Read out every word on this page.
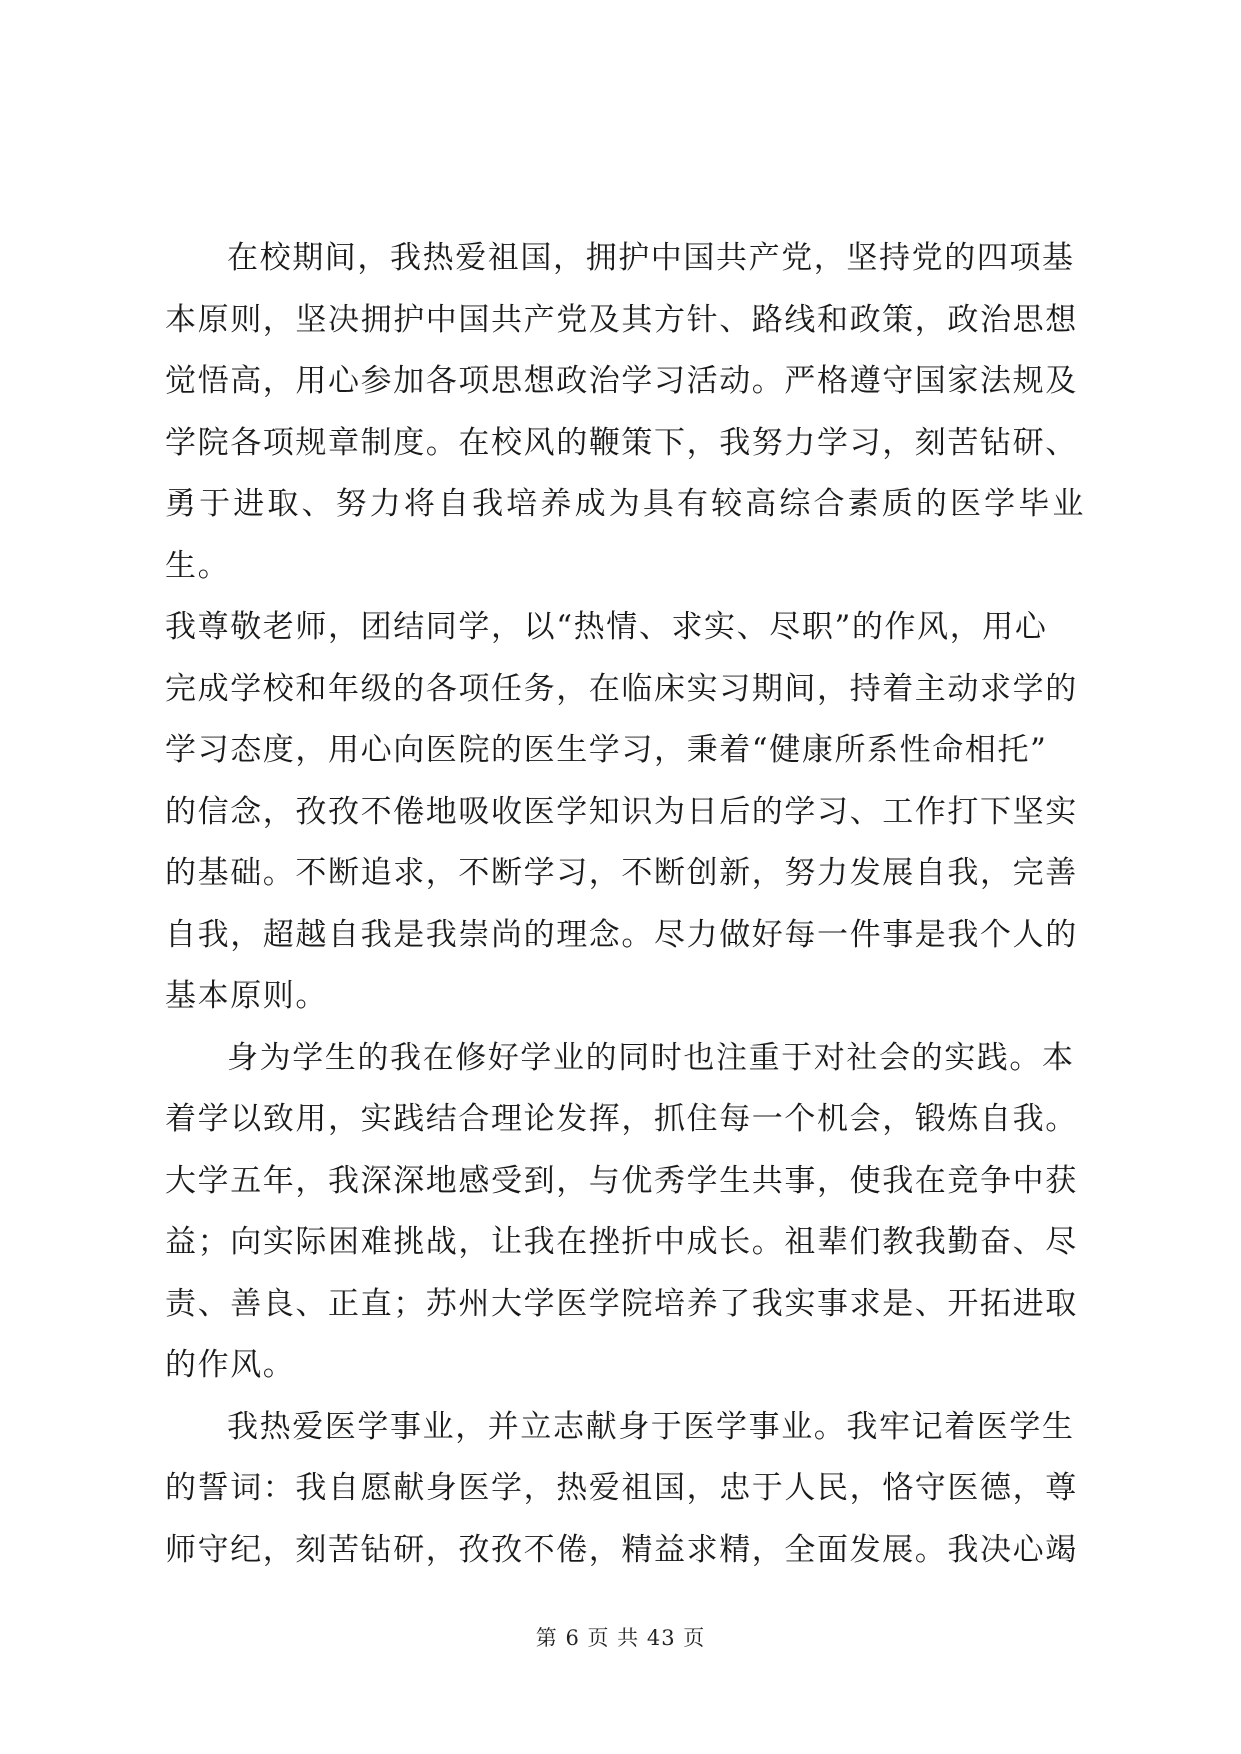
在校期间，我热爱祖国，拥护中国共产党，坚持党的四项基
本原则，坚决拥护中国共产党及其方针、路线和政策，政治思想
觉悟高，用心参加各项思想政治学习活动。严格遵守国家法规及
学院各项规章制度。在校风的鞭策下，我努力学习，刻苦钻研、
勇于进取、努力将自我培养成为具有较高综合素质的医学毕业生。
我尊敬老师，团结同学，以“热情、求实、尽职”的作风，用心
完成学校和年级的各项任务，在临床实习期间，持着主动求学的
学习态度，用心向医院的医生学习，秉着“健康所系性命相托”
的信念，孜孜不倦地吸收医学知识为日后的学习、工作打下坚实
的基础。不断追求，不断学习，不断创新，努力发展自我，完善
自我，超越自我是我崇尚的理念。尽力做好每一件事是我个人的
基本原则。

身为学生的我在修好学业的同时也注重于对社会的实践。本
着学以致用，实践结合理论发挥，抓住每一个机会，锻炼自我。
大学五年，我深深地感受到，与优秀学生共事，使我在竞争中获
益；向实际困难挑战，让我在挫折中成长。祖辈们教我勤奋、尽
责、善良、正直；苏州大学医学院培养了我实事求是、开拓进取
的作风。

我热爱医学事业，并立志献身于医学事业。我牢记着医学生
的誓词：我自愿献身医学，热爱祖国，忠于人民，恪守医德，尊
师守纪，刻苦钻研，孜孜不倦，精益求精，全面发展。我决心竭

第 6 页 共 43 页
